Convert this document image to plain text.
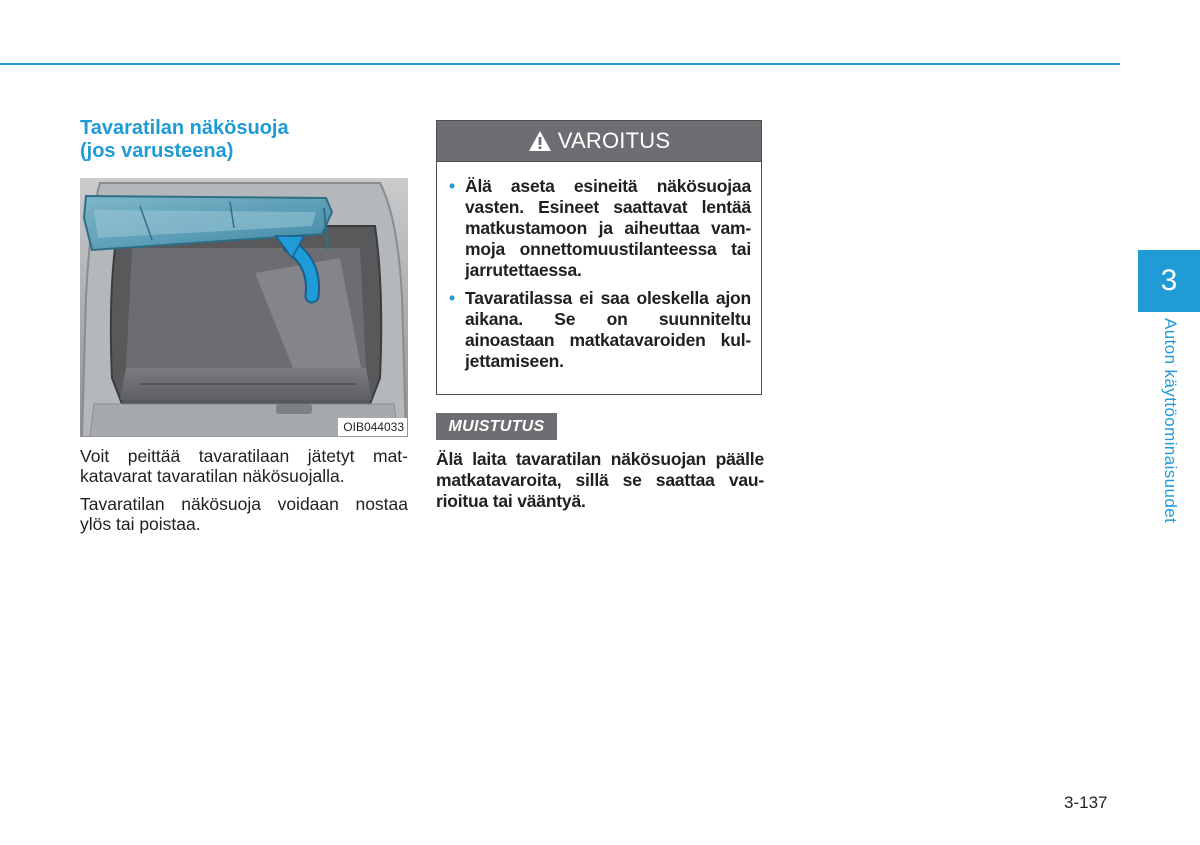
Tavaratilan näkösuoja
(jos varusteena)
OIB044033

Voit peittää tavaratilaan jätetyt mat-katavarat tavaratilan näkösuojalla.

Tavaratilan näkösuoja voidaan nostaa ylös tai poistaa.

VAROITUS
• Älä aseta esineitä näkösuojaa vasten. Esineet saattavat lentää matkustamoon ja aiheuttaa vam-moja onnettomuustilanteessa tai jarrutettaessa.
• Tavaratilassa ei saa oleskella ajon aikana. Se on suunniteltu ainoastaan matkatavaroiden kul-jettamiseen.
MUISTUTUS
Älä laita tavaratilan näkösuojan päälle matkatavaroita, sillä se saattaa vau-rioitua tai vääntyä.
3
Auton käyttöominaisuudet
3-137
